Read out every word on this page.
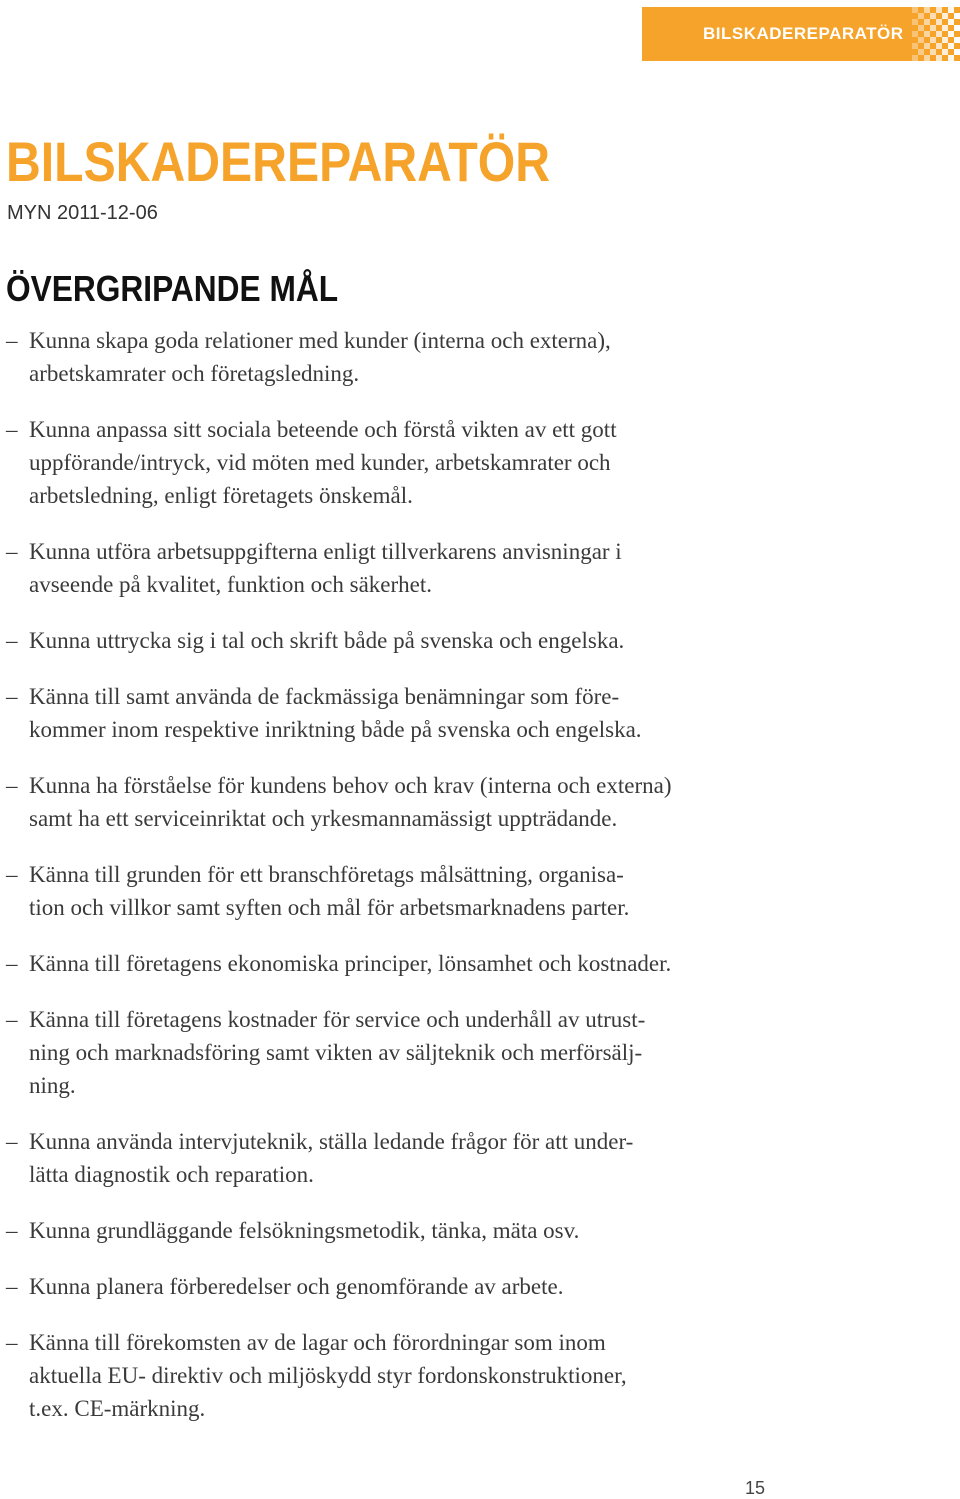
BILSKADEREPARATÖR
BILSKADEREPARATÖR
MYN 2011-12-06
ÖVERGRIPANDE MÅL
– Kunna skapa goda relationer med kunder (interna och externa),
arbetskamrater och företagsledning.
– Kunna anpassa sitt sociala beteende och förstå vikten av ett gott
uppförande/intryck, vid möten med kunder, arbetskamrater och
arbetsledning, enligt företagets önskemål.
– Kunna utföra arbetsuppgifterna enligt tillverkarens anvisningar i
avseende på kvalitet, funktion och säkerhet.
– Kunna uttrycka sig i tal och skrift både på svenska och engelska.
– Känna till samt använda de fackmässiga benämningar som före-
kommer inom respektive inriktning både på svenska och engelska.
– Kunna ha förståelse för kundens behov och krav (interna och externa)
samt ha ett serviceinriktat och yrkesmannamässigt uppträdande.
– Känna till grunden för ett branschföretags målsättning, organisa-
tion och villkor samt syften och mål för arbetsmarknadens parter.
– Känna till företagens ekonomiska principer, lönsamhet och kostnader.
– Känna till företagens kostnader för service och underhåll av utrust-
ning och marknadsföring samt vikten av säljteknik och merförsälj-
ning.
– Kunna använda intervjuteknik, ställa ledande frågor för att under-
lätta diagnostik och reparation.
– Kunna grundläggande felsökningsmetodik, tänka, mäta osv.
– Kunna planera förberedelser och genomförande av arbete.
– Känna till förekomsten av de lagar och förordningar som inom
aktuella EU- direktiv och miljöskydd styr fordonskonstruktioner,
t.ex. CE-märkning.
15
